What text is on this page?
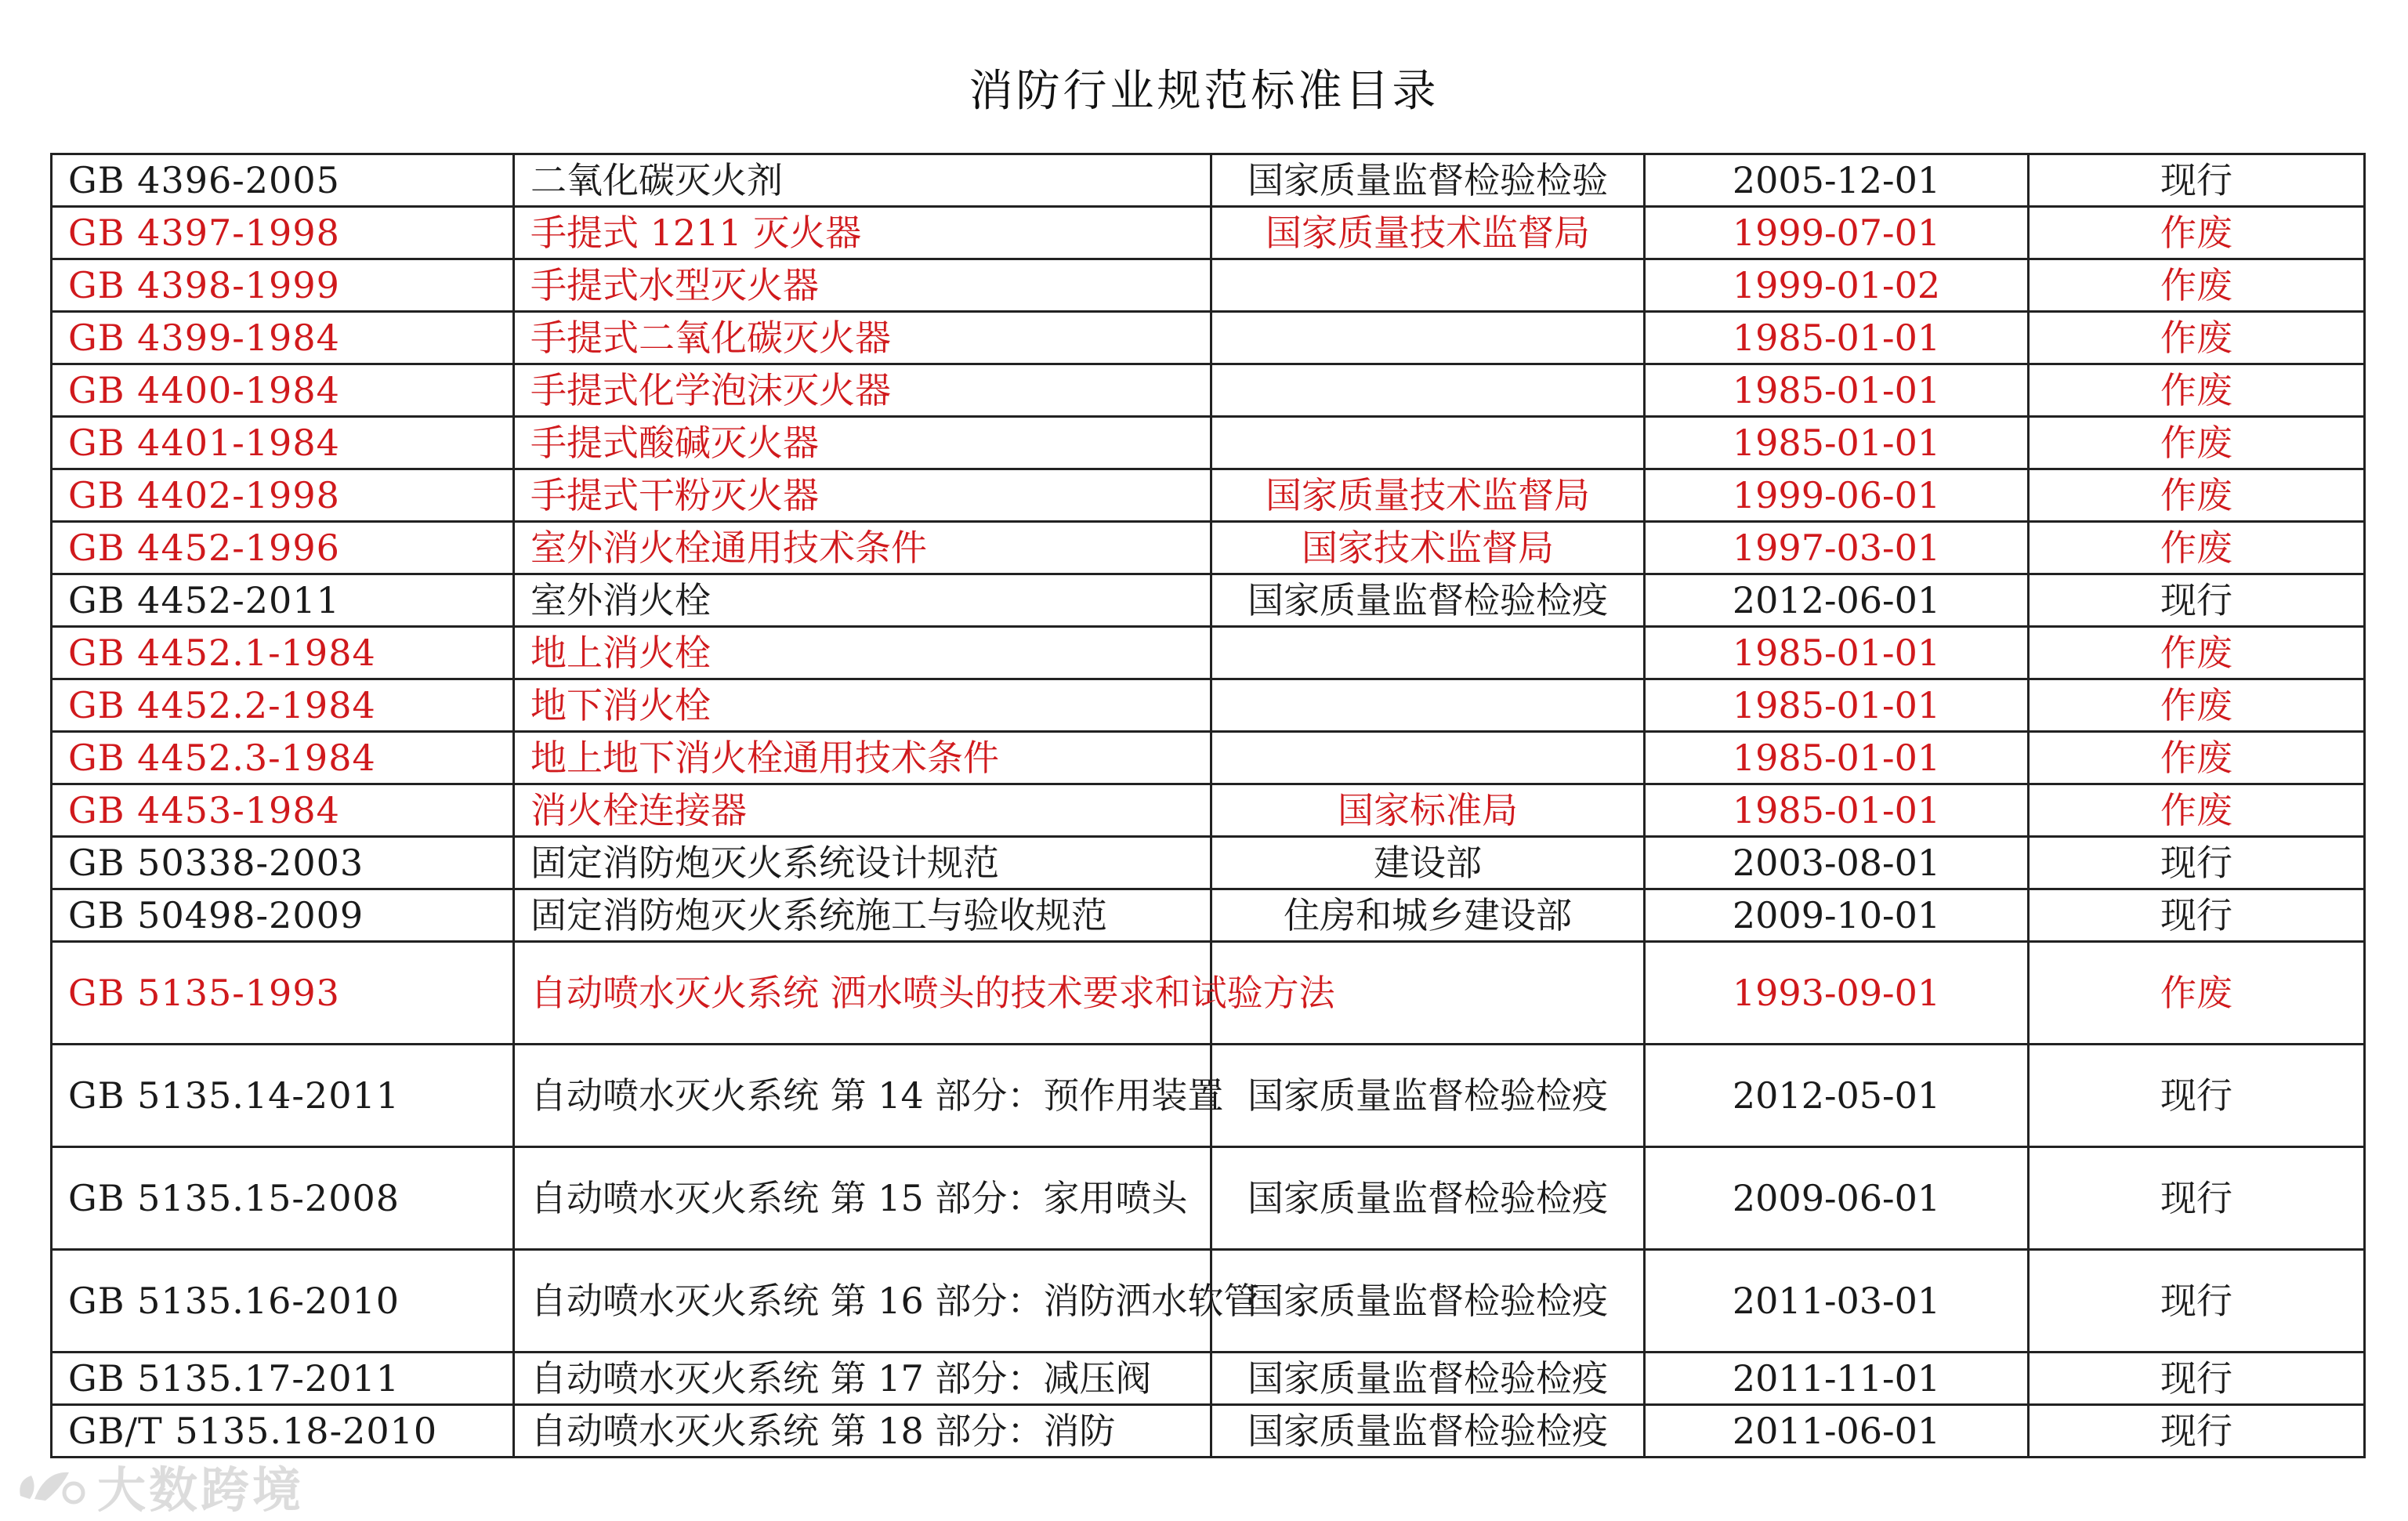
消防行业规范标准目录
GB 4396-2005	二氧化碳灭火剂	国家质量监督检验检验	2005-12-01	现行
GB 4397-1998	手提式 1211 灭火器	国家质量技术监督局	1999-07-01	作废
GB 4398-1999	手提式水型灭火器		1999-01-02	作废
GB 4399-1984	手提式二氧化碳灭火器		1985-01-01	作废
GB 4400-1984	手提式化学泡沫灭火器		1985-01-01	作废
GB 4401-1984	手提式酸碱灭火器		1985-01-01	作废
GB 4402-1998	手提式干粉灭火器	国家质量技术监督局	1999-06-01	作废
GB 4452-1996	室外消火栓通用技术条件	国家技术监督局	1997-03-01	作废
GB 4452-2011	室外消火栓	国家质量监督检验检疫	2012-06-01	现行
GB 4452.1-1984	地上消火栓		1985-01-01	作废
GB 4452.2-1984	地下消火栓		1985-01-01	作废
GB 4452.3-1984	地上地下消火栓通用技术条件		1985-01-01	作废
GB 4453-1984	消火栓连接器	国家标准局	1985-01-01	作废
GB 50338-2003	固定消防炮灭火系统设计规范	建设部	2003-08-01	现行
GB 50498-2009	固定消防炮灭火系统施工与验收规范	住房和城乡建设部	2009-10-01	现行
GB 5135-1993	自动喷水灭火系统 洒水喷头的技术要求和试验方法		1993-09-01	作废
GB 5135.14-2011	自动喷水灭火系统 第 14 部分：预作用装置	国家质量监督检验检疫	2012-05-01	现行
GB 5135.15-2008	自动喷水灭火系统 第 15 部分：家用喷头	国家质量监督检验检疫	2009-06-01	现行
GB 5135.16-2010	自动喷水灭火系统 第 16 部分：消防洒水软管	国家质量监督检验检疫	2011-03-01	现行
GB 5135.17-2011	自动喷水灭火系统 第 17 部分：减压阀	国家质量监督检验检疫	2011-11-01	现行
GB/T 5135.18-2010	自动喷水灭火系统 第 18 部分：消防	国家质量监督检验检疫	2011-06-01	现行
大数跨境
